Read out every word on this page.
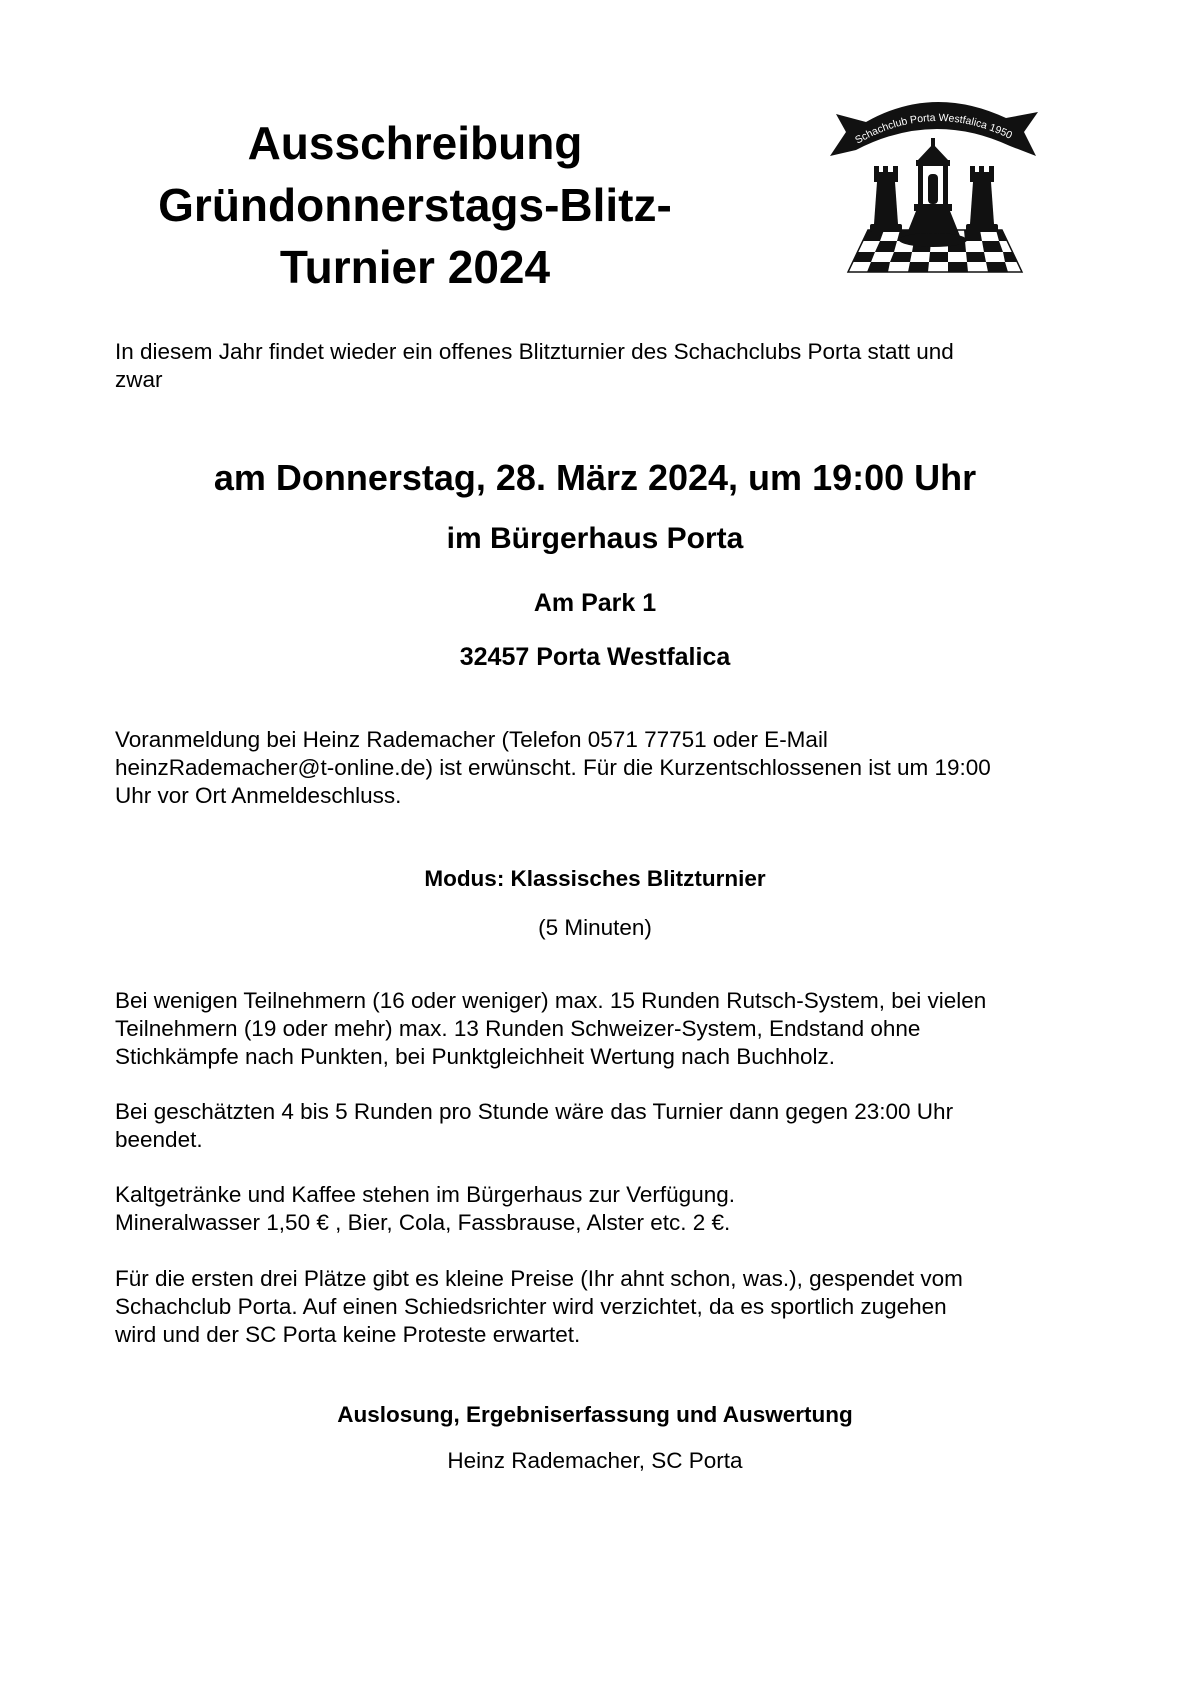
Ausschreibung
Gründonnerstags-Blitz-
Turnier 2024
Schachclub Porta Westfalica 1950

In diesem Jahr findet wieder ein offenes Blitzturnier des Schachclubs Porta statt und
zwar

am Donnerstag, 28. März 2024, um 19:00 Uhr

im Bürgerhaus Porta

Am Park 1

32457 Porta Westfalica

Voranmeldung bei Heinz Rademacher (Telefon 0571 77751 oder E-Mail
heinzRademacher@t-online.de) ist erwünscht. Für die Kurzentschlossenen ist um 19:00
Uhr vor Ort Anmeldeschluss.

Modus: Klassisches Blitzturnier

(5 Minuten)

Bei wenigen Teilnehmern (16 oder weniger) max. 15 Runden Rutsch-System, bei vielen
Teilnehmern (19 oder mehr) max. 13 Runden Schweizer-System, Endstand ohne
Stichkämpfe nach Punkten, bei Punktgleichheit Wertung nach Buchholz.

Bei geschätzten 4 bis 5 Runden pro Stunde wäre das Turnier dann gegen 23:00 Uhr
beendet.

Kaltgetränke und Kaffee stehen im Bürgerhaus zur Verfügung.
Mineralwasser 1,50 € , Bier, Cola, Fassbrause, Alster etc. 2 €.

Für die ersten drei Plätze gibt es kleine Preise (Ihr ahnt schon, was.), gespendet vom
Schachclub Porta. Auf einen Schiedsrichter wird verzichtet, da es sportlich zugehen
wird und der SC Porta keine Proteste erwartet.

Auslosung, Ergebniserfassung und Auswertung

Heinz Rademacher, SC Porta
